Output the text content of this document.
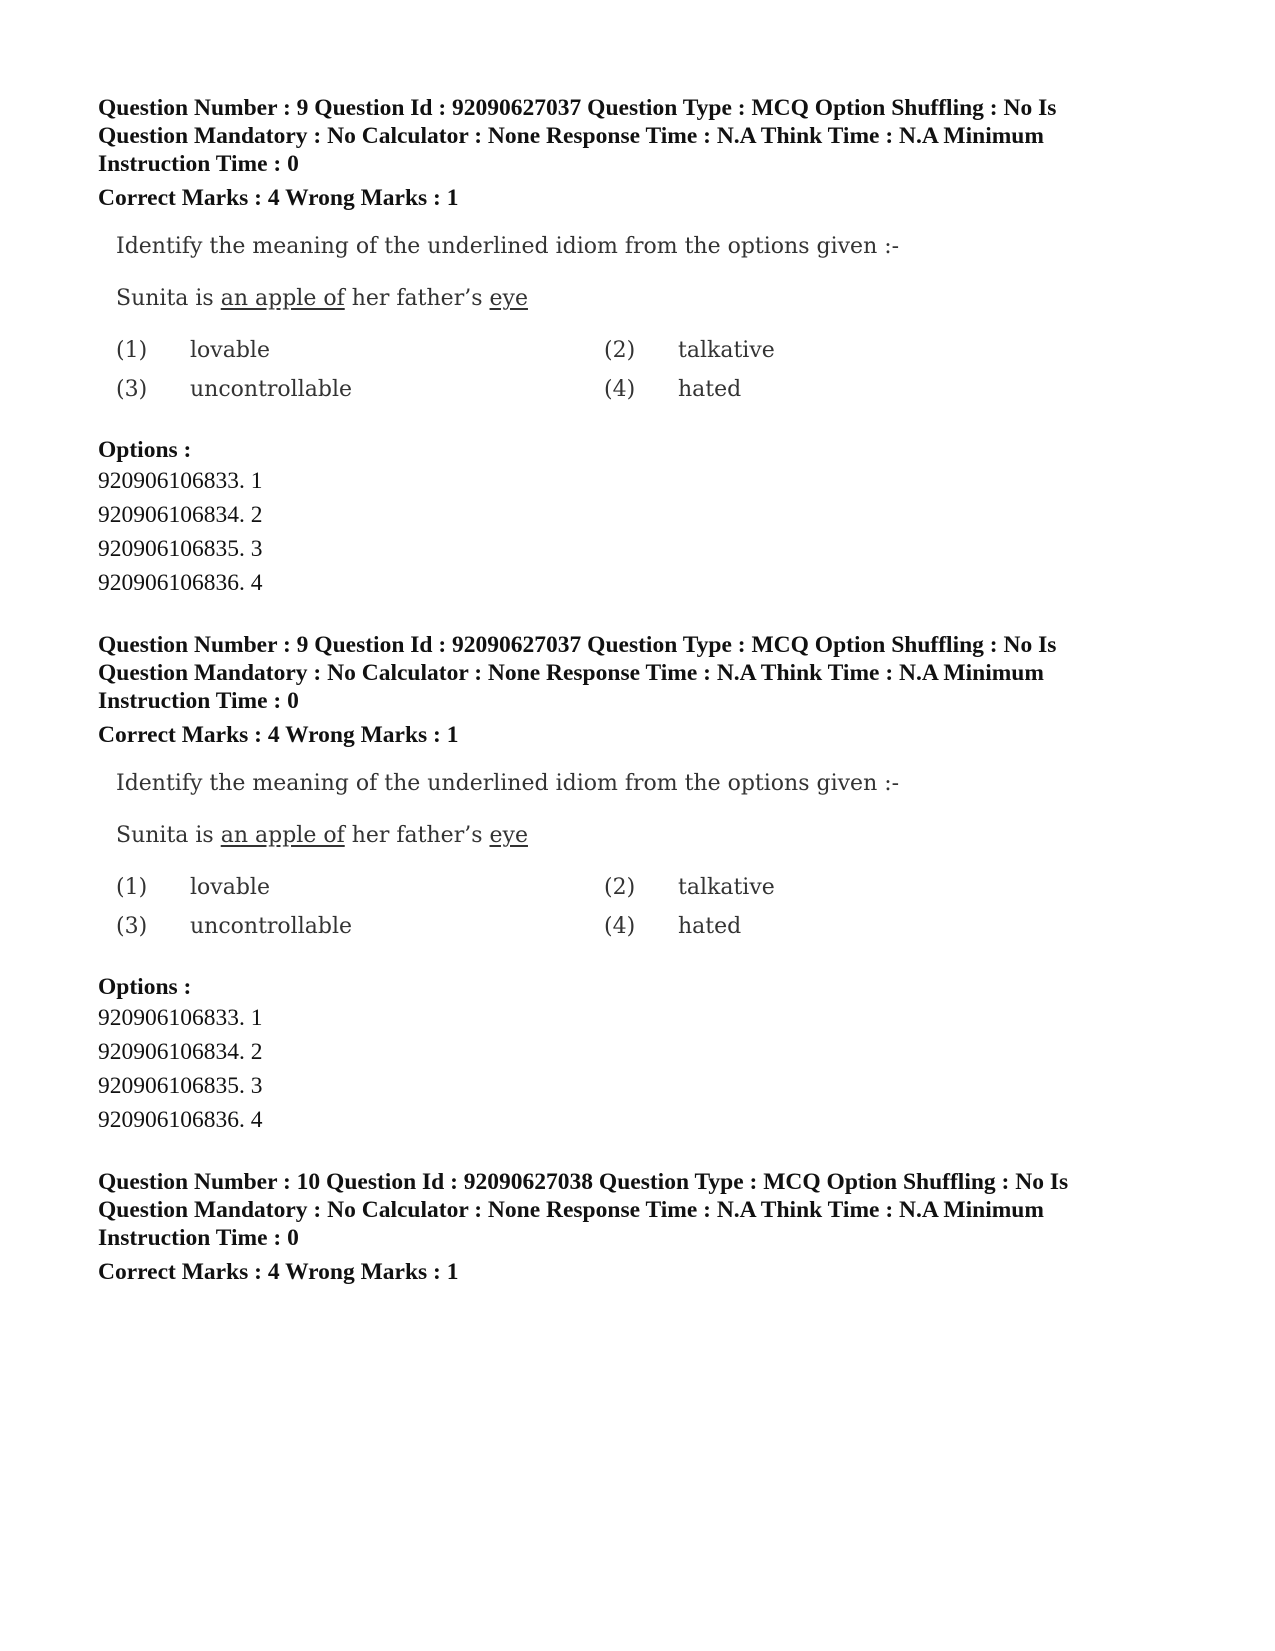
Question Number : 9 Question Id : 92090627037 Question Type : MCQ Option Shuffling : No Is
Question Mandatory : No Calculator : None Response Time : N.A Think Time : N.A Minimum
Instruction Time : 0
Correct Marks : 4 Wrong Marks : 1
Identify the meaning of the underlined idiom from the options given :-
Sunita is an apple of her father’s eye
(1) lovable	(2) talkative
(3) uncontrollable	(4) hated
Options :
920906106833. 1
920906106834. 2
920906106835. 3
920906106836. 4
Question Number : 9 Question Id : 92090627037 Question Type : MCQ Option Shuffling : No Is
Question Mandatory : No Calculator : None Response Time : N.A Think Time : N.A Minimum
Instruction Time : 0
Correct Marks : 4 Wrong Marks : 1
Identify the meaning of the underlined idiom from the options given :-
Sunita is an apple of her father’s eye
(1) lovable	(2) talkative
(3) uncontrollable	(4) hated
Options :
920906106833. 1
920906106834. 2
920906106835. 3
920906106836. 4
Question Number : 10 Question Id : 92090627038 Question Type : MCQ Option Shuffling : No Is
Question Mandatory : No Calculator : None Response Time : N.A Think Time : N.A Minimum
Instruction Time : 0
Correct Marks : 4 Wrong Marks : 1
